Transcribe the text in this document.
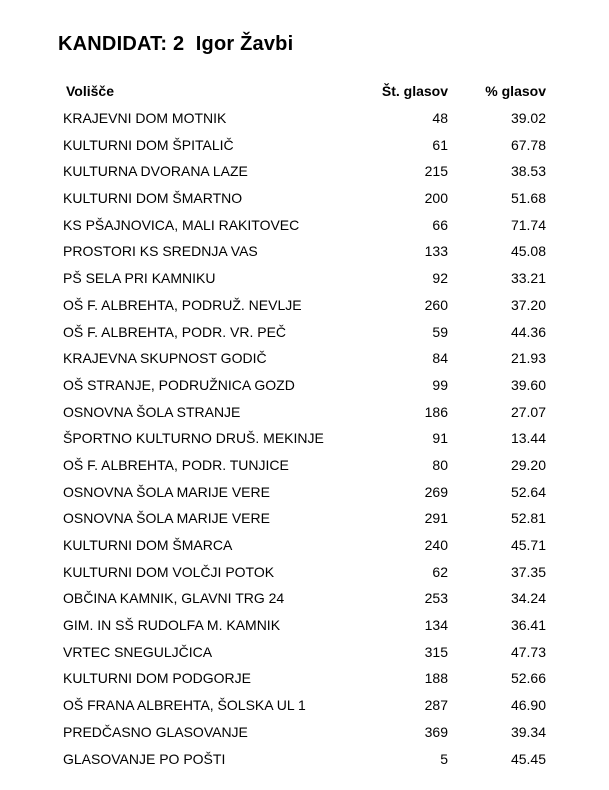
KANDIDAT: 2  Igor Žavbi
Volišče	Št. glasov	% glasov
KRAJEVNI DOM MOTNIK	48	39.02
KULTURNI DOM ŠPITALIČ	61	67.78
KULTURNA DVORANA LAZE	215	38.53
KULTURNI DOM ŠMARTNO	200	51.68
KS PŠAJNOVICA, MALI RAKITOVEC	66	71.74
PROSTORI KS SREDNJA VAS	133	45.08
PŠ SELA PRI KAMNIKU	92	33.21
OŠ F. ALBREHTA, PODRUŽ. NEVLJE	260	37.20
OŠ F. ALBREHTA, PODR. VR. PEČ	59	44.36
KRAJEVNA SKUPNOST GODIČ	84	21.93
OŠ STRANJE, PODRUŽNICA GOZD	99	39.60
OSNOVNA ŠOLA STRANJE	186	27.07
ŠPORTNO KULTURNO DRUŠ. MEKINJE	91	13.44
OŠ F. ALBREHTA, PODR. TUNJICE	80	29.20
OSNOVNA ŠOLA MARIJE VERE	269	52.64
OSNOVNA ŠOLA MARIJE VERE	291	52.81
KULTURNI DOM ŠMARCA	240	45.71
KULTURNI DOM VOLČJI POTOK	62	37.35
OBČINA KAMNIK, GLAVNI TRG 24	253	34.24
GIM. IN SŠ RUDOLFA M. KAMNIK	134	36.41
VRTEC SNEGULJČICA	315	47.73
KULTURNI DOM PODGORJE	188	52.66
OŠ FRANA ALBREHTA, ŠOLSKA UL 1	287	46.90
PREDČASNO GLASOVANJE	369	39.34
GLASOVANJE PO POŠTI	5	45.45
